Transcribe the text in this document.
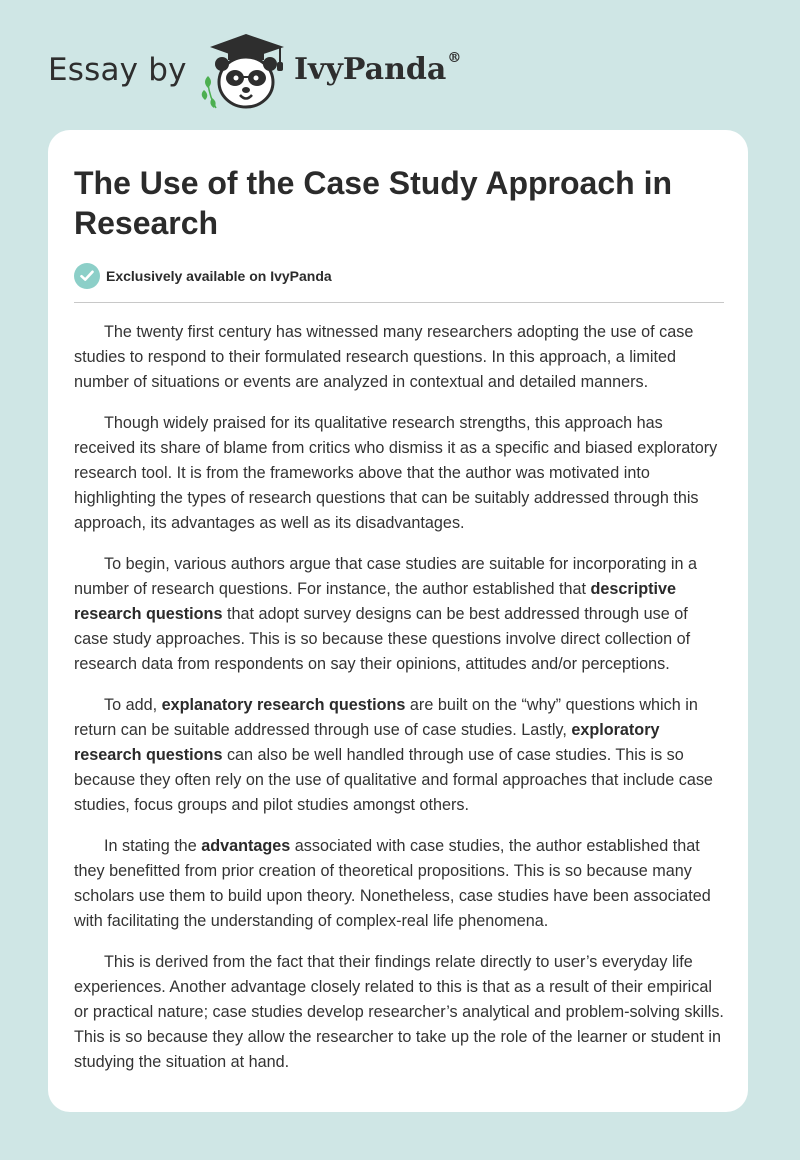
Essay by	IvyPanda®
The Use of the Case Study Approach in Research
Exclusively available on IvyPanda

The twenty first century has witnessed many researchers adopting the use of case studies to respond to their formulated research questions. In this approach, a limited number of situations or events are analyzed in contextual and detailed manners.

Though widely praised for its qualitative research strengths, this approach has received its share of blame from critics who dismiss it as a specific and biased exploratory research tool. It is from the frameworks above that the author was motivated into highlighting the types of research questions that can be suitably addressed through this approach, its advantages as well as its disadvantages.

To begin, various authors argue that case studies are suitable for incorporating in a number of research questions. For instance, the author established that descriptive research questions that adopt survey designs can be best addressed through use of case study approaches. This is so because these questions involve direct collection of research data from respondents on say their opinions, attitudes and/or perceptions.

To add, explanatory research questions are built on the “why” questions which in return can be suitable addressed through use of case studies. Lastly, exploratory research questions can also be well handled through use of case studies. This is so because they often rely on the use of qualitative and formal approaches that include case studies, focus groups and pilot studies amongst others.

In stating the advantages associated with case studies, the author established that they benefitted from prior creation of theoretical propositions. This is so because many scholars use them to build upon theory. Nonetheless, case studies have been associated with facilitating the understanding of complex-real life phenomena.

This is derived from the fact that their findings relate directly to user’s everyday life experiences. Another advantage closely related to this is that as a result of their empirical or practical nature; case studies develop researcher’s analytical and problem-solving skills. This is so because they allow the researcher to take up the role of the learner or student in studying the situation at hand.
